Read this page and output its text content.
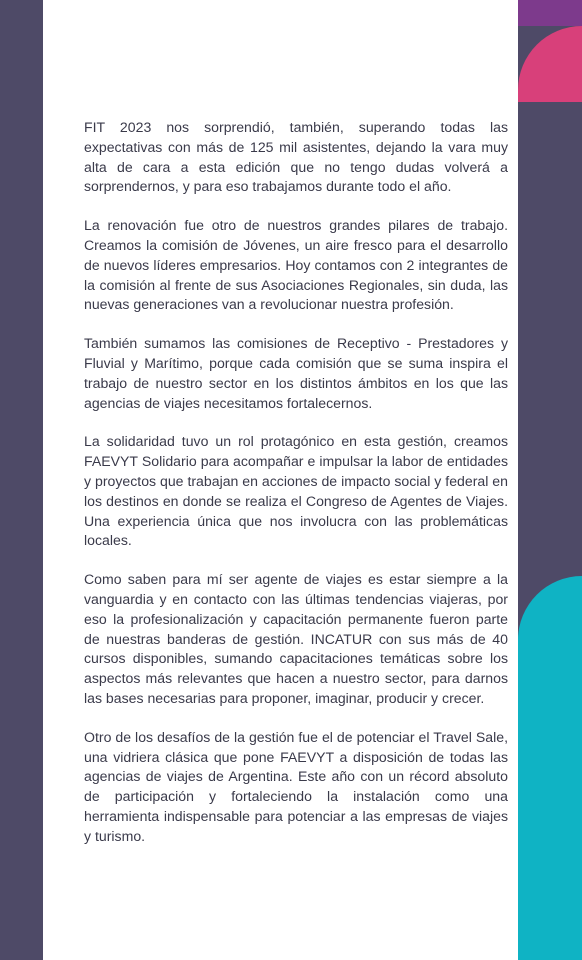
FIT 2023 nos sorprendió, también, superando todas las expectativas con más de 125 mil asistentes, dejando la vara muy alta de cara a esta edición que no tengo dudas volverá a sorprendernos, y para eso trabajamos durante todo el año.

La renovación fue otro de nuestros grandes pilares de trabajo. Creamos la comisión de Jóvenes, un aire fresco para el desarrollo de nuevos líderes empresarios. Hoy contamos con 2 integrantes de la comisión al frente de sus Asociaciones Regionales, sin duda, las nuevas generaciones van a revolucionar nuestra profesión.

También sumamos las comisiones de Receptivo - Prestadores y Fluvial y Marítimo, porque cada comisión que se suma inspira el trabajo de nuestro sector en los distintos ámbitos en los que las agencias de viajes necesitamos fortalecernos.

La solidaridad tuvo un rol protagónico en esta gestión, creamos FAEVYT Solidario para acompañar e impulsar la labor de entidades y proyectos que trabajan en acciones de impacto social y federal en los destinos en donde se realiza el Congreso de Agentes de Viajes. Una experiencia única que nos involucra con las problemáticas locales.

Como saben para mí ser agente de viajes es estar siempre a la vanguardia y en contacto con las últimas tendencias viajeras, por eso la profesionalización y capacitación permanente fueron parte de nuestras banderas de gestión. INCATUR con sus más de 40 cursos disponibles, sumando capacitaciones temáticas sobre los aspectos más relevantes que hacen a nuestro sector, para darnos las bases necesarias para proponer, imaginar, producir y crecer.

Otro de los desafíos de la gestión fue el de potenciar el Travel Sale, una vidriera clásica que pone FAEVYT a disposición de todas las agencias de viajes de Argentina. Este año con un récord absoluto de participación y fortaleciendo la instalación como una herramienta indispensable para potenciar a las empresas de viajes y turismo.
